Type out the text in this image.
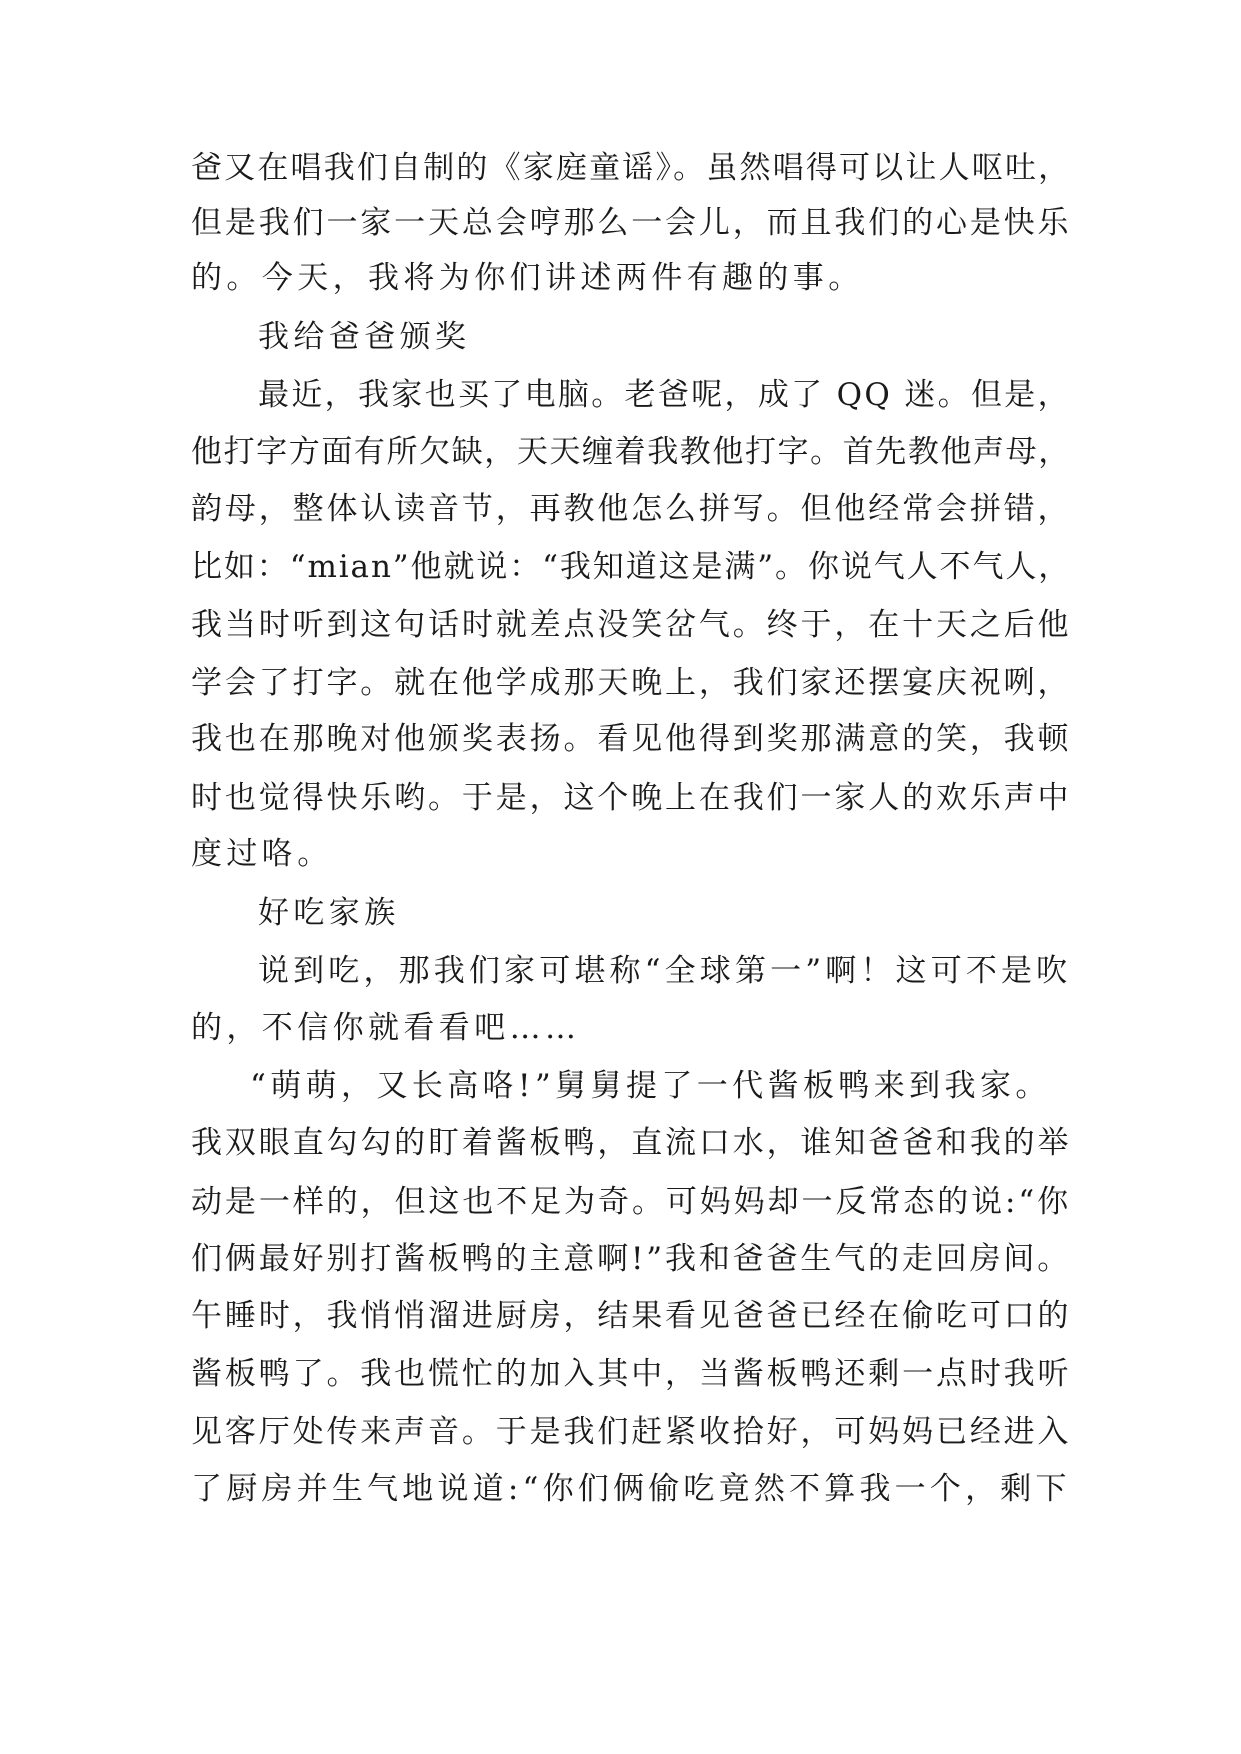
爸又在唱我们自制的《家庭童谣》。虽然唱得可以让人呕吐，
但是我们一家一天总会哼那么一会儿，而且我们的心是快乐
的。今天，我将为你们讲述两件有趣的事。
我给爸爸颁奖
最近，我家也买了电脑。老爸呢，成了 QQ 迷。但是，
他打字方面有所欠缺，天天缠着我教他打字。首先教他声母，
韵母，整体认读音节，再教他怎么拼写。但他经常会拼错，
比如：“mian”他就说：“我知道这是满”。你说气人不气人，
我当时听到这句话时就差点没笑岔气。终于，在十天之后他
学会了打字。就在他学成那天晚上，我们家还摆宴庆祝咧，
我也在那晚对他颁奖表扬。看见他得到奖那满意的笑，我顿
时也觉得快乐哟。于是，这个晚上在我们一家人的欢乐声中
度过咯。
好吃家族
说到吃，那我们家可堪称“全球第一”啊！这可不是吹
的，不信你就看看吧……
“萌萌，又长高咯!”舅舅提了一代酱板鸭来到我家。
我双眼直勾勾的盯着酱板鸭，直流口水，谁知爸爸和我的举
动是一样的，但这也不足为奇。可妈妈却一反常态的说:“你
们俩最好别打酱板鸭的主意啊!”我和爸爸生气的走回房间。
午睡时，我悄悄溜进厨房，结果看见爸爸已经在偷吃可口的
酱板鸭了。我也慌忙的加入其中，当酱板鸭还剩一点时我听
见客厅处传来声音。于是我们赶紧收拾好，可妈妈已经进入
了厨房并生气地说道:“你们俩偷吃竟然不算我一个，剩下
